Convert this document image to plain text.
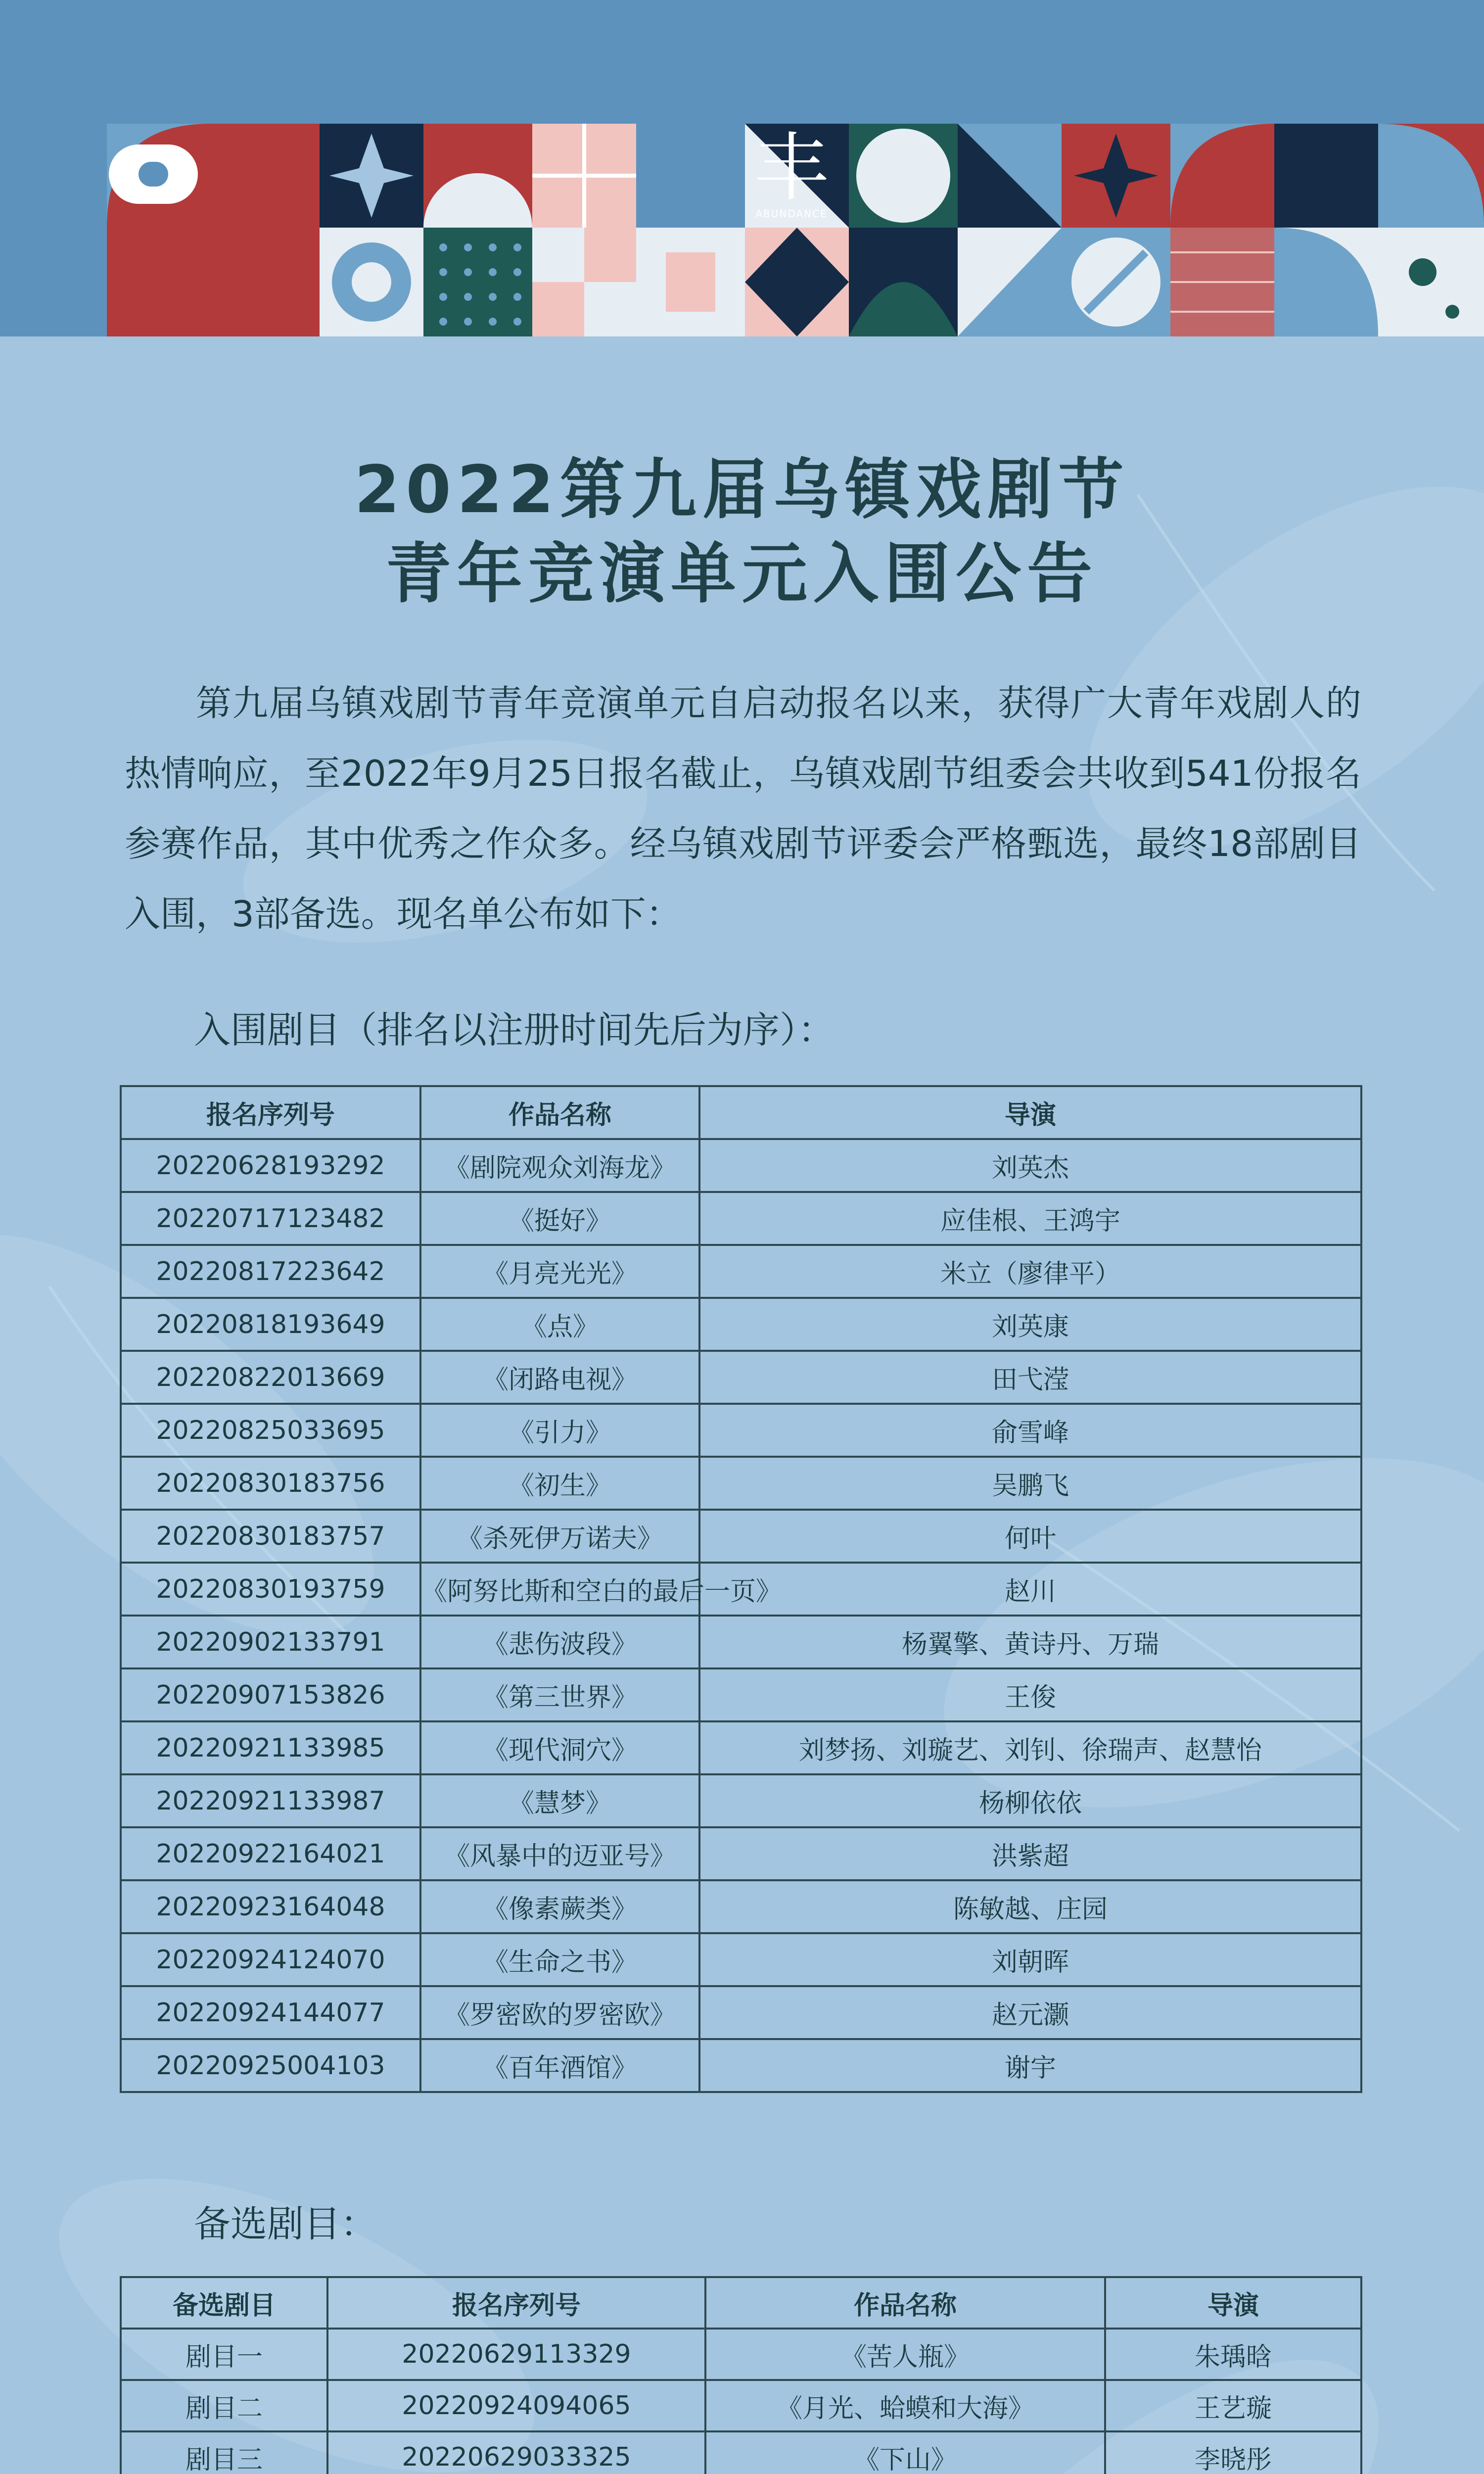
丰
ABUNDANCE
2022第九届乌镇戏剧节
青年竞演单元入围公告
第九届乌镇戏剧节青年竞演单元自启动报名以来，获得广大青年戏剧人的热情响应，至2022年9月25日报名截止，乌镇戏剧节组委会共收到541份报名参赛作品，其中优秀之作众多。经乌镇戏剧节评委会严格甄选，最终18部剧目入围，3部备选。现名单公布如下：
入围剧目（排名以注册时间先后为序）：
报名序列号	作品名称	导演
20220628193292	《剧院观众刘海龙》	刘英杰
20220717123482	《挺好》	应佳根、王鸿宇
20220817223642	《月亮光光》	米立（廖律平）
20220818193649	《点》	刘英康
20220822013669	《闭路电视》	田弋滢
20220825033695	《引力》	俞雪峰
20220830183756	《初生》	吴鹏飞
20220830183757	《杀死伊万诺夫》	何叶
20220830193759	《阿努比斯和空白的最后一页》	赵川
20220902133791	《悲伤波段》	杨翼擎、黄诗丹、万瑞
20220907153826	《第三世界》	王俊
20220921133985	《现代洞穴》	刘梦扬、刘璇艺、刘钊、徐瑞声、赵慧怡
20220921133987	《慧梦》	杨柳依依
20220922164021	《风暴中的迈亚号》	洪紫超
20220923164048	《像素蕨类》	陈敏越、庄园
20220924124070	《生命之书》	刘朝晖
20220924144077	《罗密欧的罗密欧》	赵元灏
20220925004103	《百年酒馆》	谢宇
备选剧目：
备选剧目	报名序列号	作品名称	导演
剧目一	20220629113329	《苦人瓶》	朱瑀晗
剧目二	20220924094065	《月光、蛤蟆和大海》	王艺璇
剧目三	20220629033325	《下山》	李晓彤
